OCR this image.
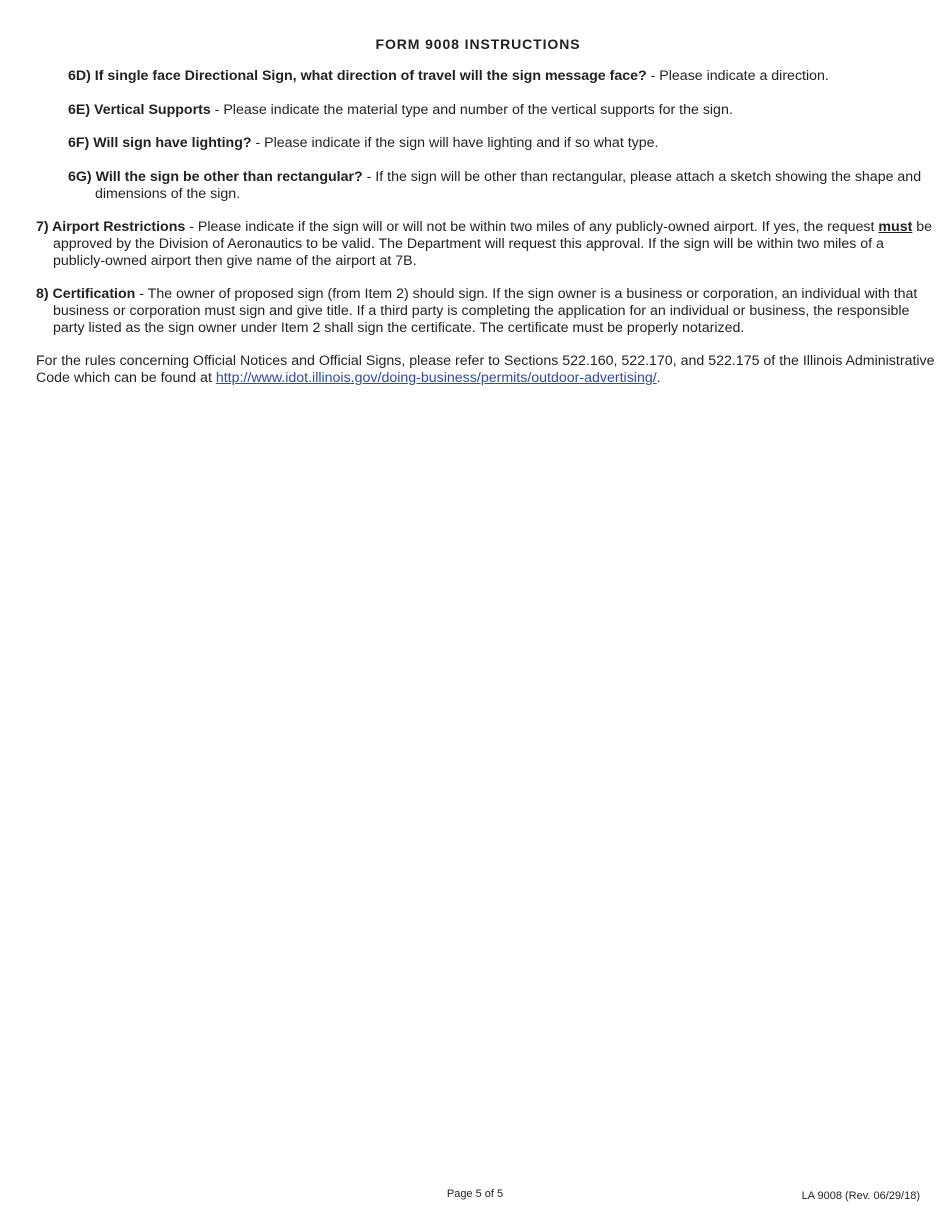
FORM 9008 INSTRUCTIONS

6D) If single face Directional Sign, what direction of travel will the sign message face? - Please indicate a direction.

6E) Vertical Supports - Please indicate the material type and number of the vertical supports for the sign.

6F) Will sign have lighting? - Please indicate if the sign will have lighting and if so what type.

6G) Will the sign be other than rectangular? - If the sign will be other than rectangular, please attach a sketch showing the shape and dimensions of the sign.

7) Airport Restrictions - Please indicate if the sign will or will not be within two miles of any publicly-owned airport. If yes, the request must be approved by the Division of Aeronautics to be valid. The Department will request this approval. If the sign will be within two miles of a publicly-owned airport then give name of the airport at 7B.

8) Certification - The owner of proposed sign (from Item 2) should sign. If the sign owner is a business or corporation, an individual with that business or corporation must sign and give title. If a third party is completing the application for an individual or business, the responsible party listed as the sign owner under Item 2 shall sign the certificate. The certificate must be properly notarized.

For the rules concerning Official Notices and Official Signs, please refer to Sections 522.160, 522.170, and 522.175 of the Illinois Administrative Code which can be found at http://www.idot.illinois.gov/doing-business/permits/outdoor-advertising/.

Page 5 of 5	LA 9008 (Rev. 06/29/18)
